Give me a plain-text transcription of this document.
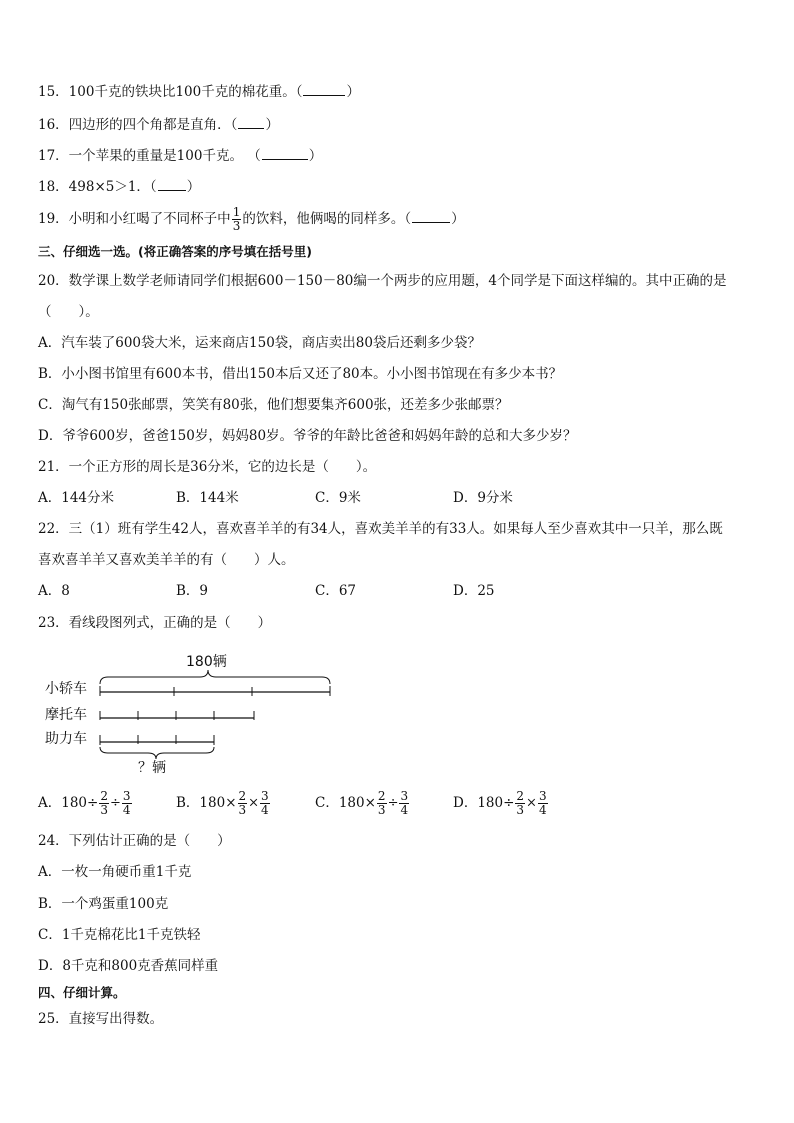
15．100千克的铁块比100千克的棉花重。（	）
16．四边形的四个角都是直角．（ ）
17．一个苹果的重量是100千克。 （	）
18．498×5＞1．（ ）
19．小明和小红喝了不同杯子中 $\frac{1}{3}$ 的饮料，他俩喝的同样多。（	）
三、仔细选一选。(将正确答案的序号填在括号里)
20．数学课上数学老师请同学们根据600－150－80编一个两步的应用题，4个同学是下面这样编的。其中正确的是
（　　）。
A．汽车装了600袋大米，运来商店150袋，商店卖出80袋后还剩多少袋？
B．小小图书馆里有600本书，借出150本后又还了80本。小小图书馆现在有多少本书？
C．淘气有150张邮票，笑笑有80张，他们想要集齐600张，还差多少张邮票？
D．爷爷600岁，爸爸150岁，妈妈80岁。爷爷的年龄比爸爸和妈妈年龄的总和大多少岁？
21．一个正方形的周长是36分米，它的边长是（　　）。
A．144分米	B．144米	C．9米	D．9分米
22．三（1）班有学生42人，喜欢喜羊羊的有34人，喜欢美羊羊的有33人。如果每人至少喜欢其中一只羊，那么既
喜欢喜羊羊又喜欢美羊羊的有（　　）人。
A．8	B．9	C．67	D．25
23．看线段图列式，正确的是（　　）
180辆
小轿车
摩托车
助力车
？辆
A．$180\div \frac{2}{3} \div \frac{3}{4}$	B．$180\times \frac{2}{3} \times \frac{3}{4}$	C．$180\times \frac{2}{3} \div \frac{3}{4}$	D．$180\div \frac{2}{3} \times \frac{3}{4}$
24．下列估计正确的是（　　）
A．一枚一角硬币重1千克
B．一个鸡蛋重100克
C．1千克棉花比1千克铁轻
D．8千克和800克香蕉同样重
四、仔细计算。
25．直接写出得数。
